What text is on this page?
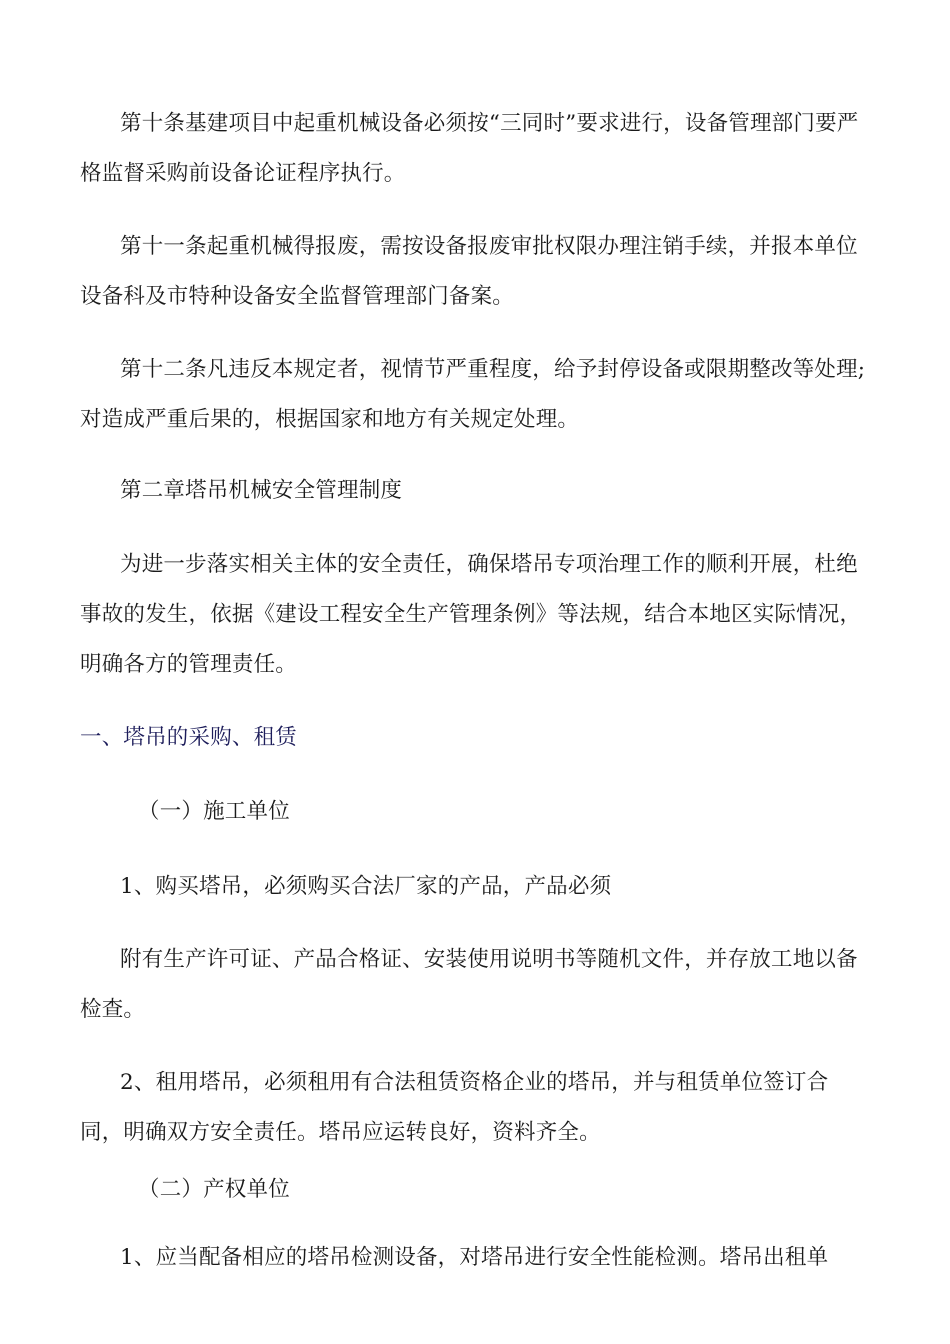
第十条基建项目中起重机械设备必须按“三同时”要求进行，设备管理部门要严格监督采购前设备论证程序执行。
第十一条起重机械得报废，需按设备报废审批权限办理注销手续，并报本单位设备科及市特种设备安全监督管理部门备案。
第十二条凡违反本规定者，视情节严重程度，给予封停设备或限期整改等处理;对造成严重后果的，根据国家和地方有关规定处理。
第二章塔吊机械安全管理制度
为进一步落实相关主体的安全责任，确保塔吊专项治理工作的顺利开展，杜绝事故的发生，依据《建设工程安全生产管理条例》等法规，结合本地区实际情况，明确各方的管理责任。
一、塔吊的采购、租赁
（一）施工单位
1、购买塔吊，必须购买合法厂家的产品，产品必须
附有生产许可证、产品合格证、安装使用说明书等随机文件，并存放工地以备检查。
2、租用塔吊，必须租用有合法租赁资格企业的塔吊，并与租赁单位签订合同，明确双方安全责任。塔吊应运转良好，资料齐全。
（二）产权单位
1、应当配备相应的塔吊检测设备，对塔吊进行安全性能检测。塔吊出租单
